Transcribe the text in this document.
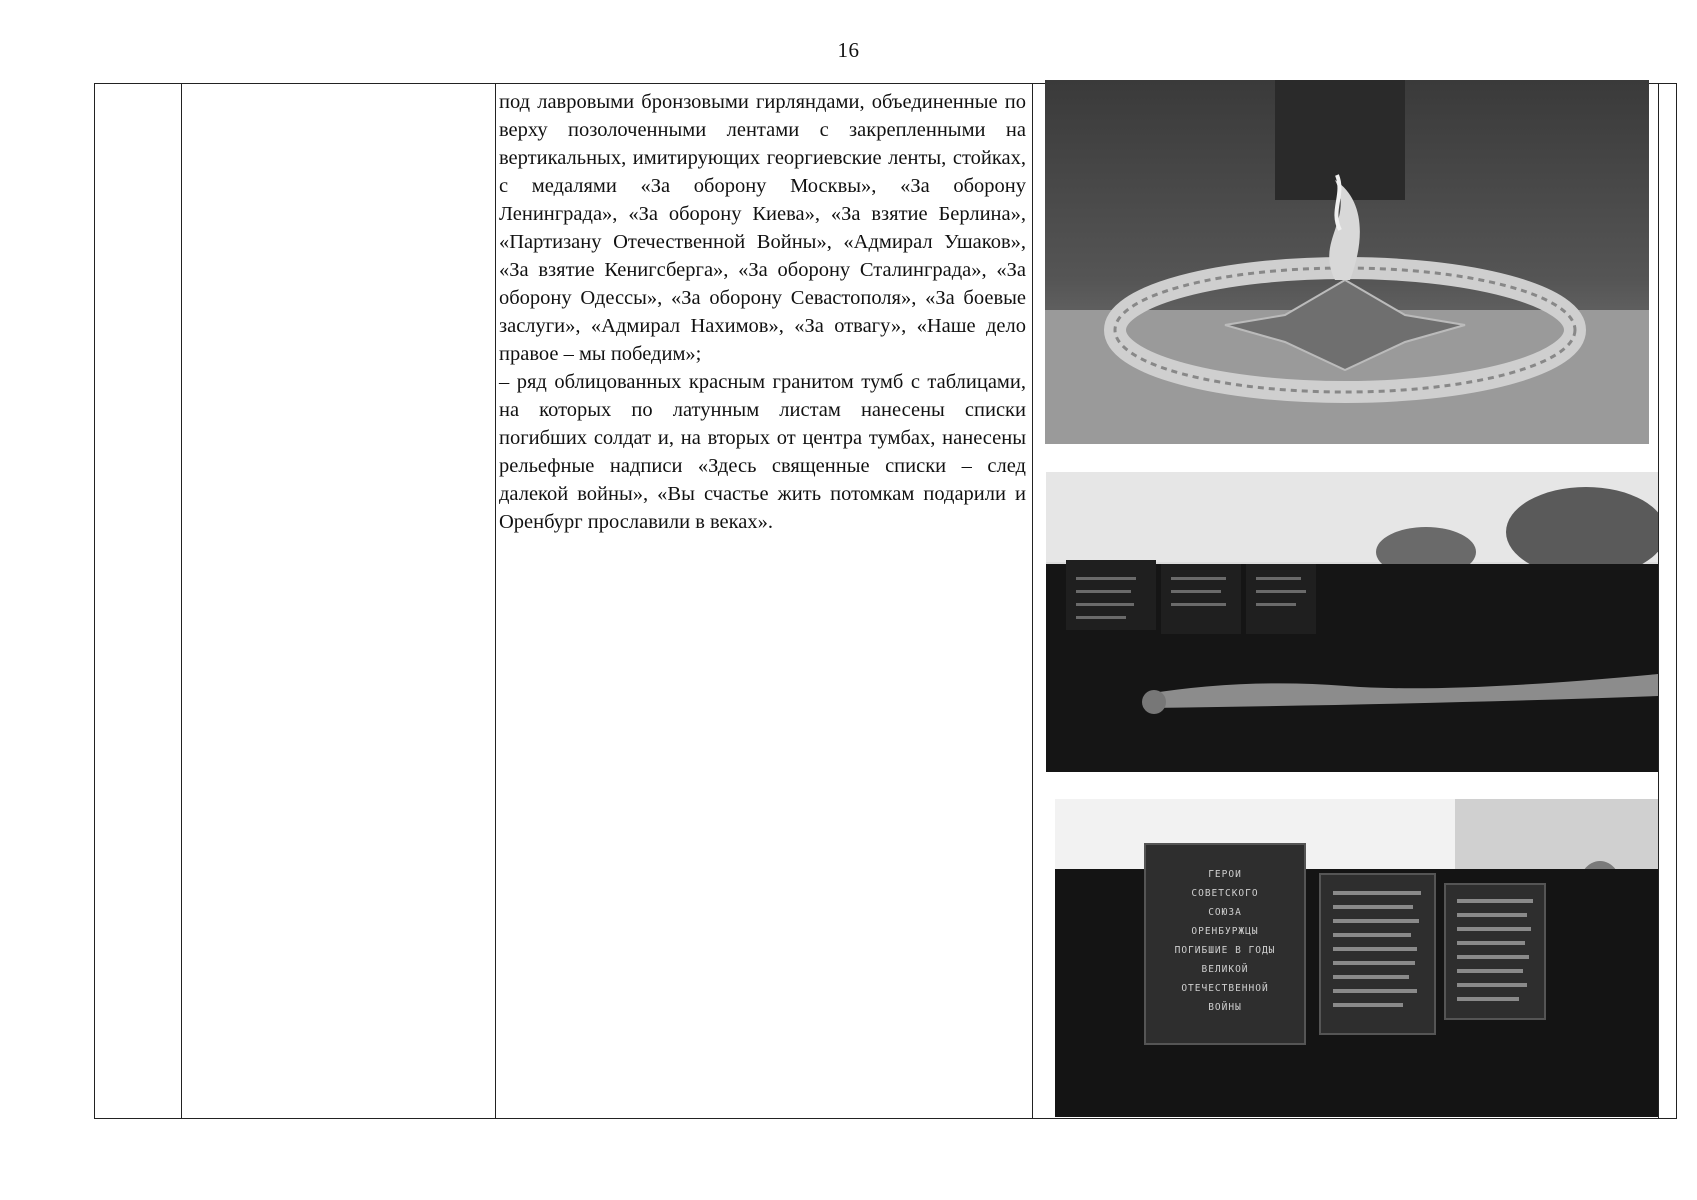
16

под лавровыми бронзовыми гирляндами, объединенные по верху позолоченными лентами с закрепленными на вертикальных, имитирующих георгиевские ленты, стойках, с медалями «За оборону Москвы», «За оборону Ленинграда», «За оборону Киева», «За взятие Берлина», «Партизану Отечественной Войны», «Адмирал Ушаков», «За взятие Кенигсберга», «За оборону Сталинграда», «За оборону Одессы», «За оборону Севастополя», «За боевые заслуги», «Адмирал Нахимов», «За отвагу», «Наше дело правое – мы победим»;

– ряд облицованных красным гранитом тумб с таблицами, на которых по латунным листам нанесены списки погибших солдат и, на вторых от центра тумбах, нанесены рельефные надписи «Здесь священные списки – след далекой войны», «Вы счастье жить потомкам подарили и Оренбург прославили в веках».

ГЕРОИ
СОВЕТСКОГО
СОЮЗА
ОРЕНБУРЖЦЫ
ПОГИБШИЕ В ГОДЫ
ВЕЛИКОЙ
ОТЕЧЕСТВЕННОЙ
ВОЙНЫ
